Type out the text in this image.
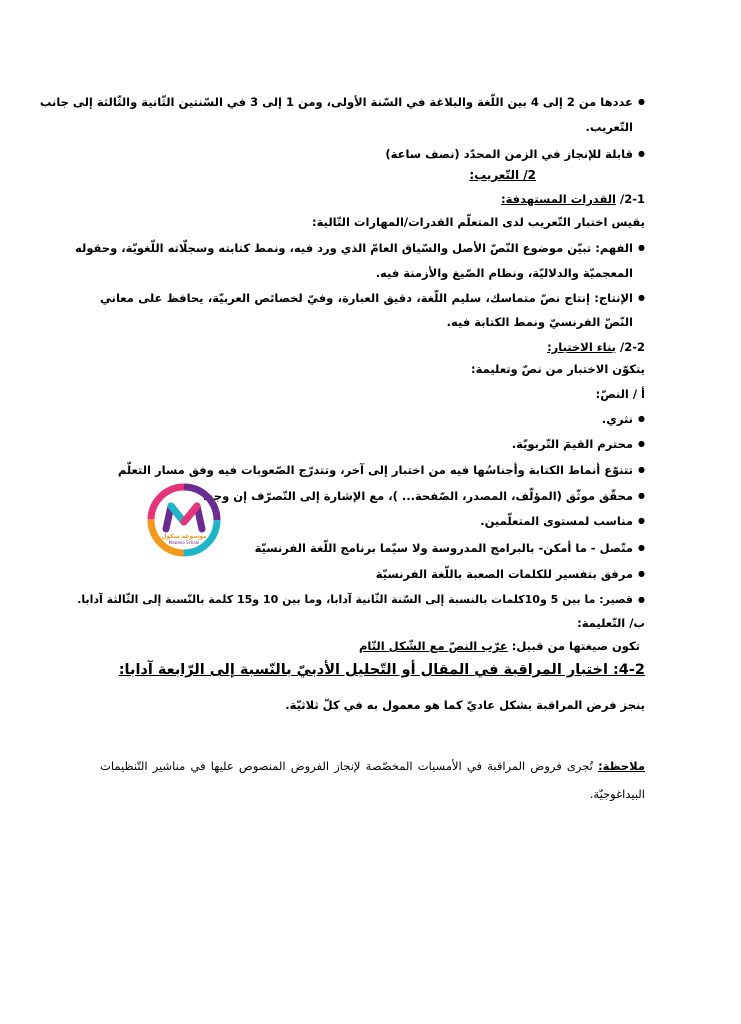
● عددها من 2 إلى 4 بين اللّغة والبلاغة في السّنة الأولى، ومن 1 إلى 3 في السّنتين الثّانية والثّالثة إلى جانب
التّعريب.
● قابلة للإنجاز في الزمن المحدّد (نصف ساعة)
2/ التّعريب:
2-1/ القدرات المستهدفة:
يقيس اختبار التّعريب لدى المتعلّم القدرات/المهارات التّالية:
● الفهم: تبيّن موضوع النّصّ الأصل والسّياق العامّ الذي ورد فيه، ونمط كتابته وسجلّاته اللّغويّة، وحقوله
المعجميّة والدلاليّة، ونظام الصّيغ والأزمنة فيه.
● الإنتاج: إنتاج نصّ متماسك، سليم اللّغة، دقيق العبارة، وفيّ لخصائص العربيّة، يحافظ على معاني
النّصّ الفرنسيّ ونمط الكتابة فيه.
2-2/ بناء الاختبار:
يتكوّن الاختبار من نصّ وتعليمة:
أ / النصّ:
● نثري.
● محترم القيمَ التّربويّة.
● تتنوّع أنماط الكتابة وأجناسُها فيه من اختبار إلى آخر، وتتدرّج الصّعوبات فيه وفق مسار التعلّم
● محقّق موثّق (المؤلّف، المصدر، الصّفحة... )، مع الإشارة إلى التّصرّف إن وجد.
● مناسب لمستوى المتعلّمين.
● متّصل - ما أمكن- بالبرامج المدروسة ولا سيّما برنامج اللّغة الفرنسيّة
● مرفق بتفسير للكلمات الصعبة باللّغة الفرنسيّة
● قصير: ما بين 5 و10كلمات بالنسبة إلى السّنة الثّانية آدابا، وما بين 10 و15 كلمة بالنّسبة إلى الثّالثة آدابا.
ب/ التّعليمة:
تكون صيغتها من قبيل: عرّب النصّ مع الشّكل التّام
4-2: اختبار المراقبة في المقال أو التّحليل الأدبيّ بالنّسبة إلى الرّابعة آدابا:
ينجز فرض المراقبة بشكل عاديّ كما هو معمول به في كلّ ثلاثيّة.
ملاحظة: تُجرى فروض المراقبة في الأمسيات المخصّصة لإنجاز الفروض المنصوص عليها في مناشير التّنظيمات
البيداغوجيّة.
موسوعة سكول
Mawsoo School
